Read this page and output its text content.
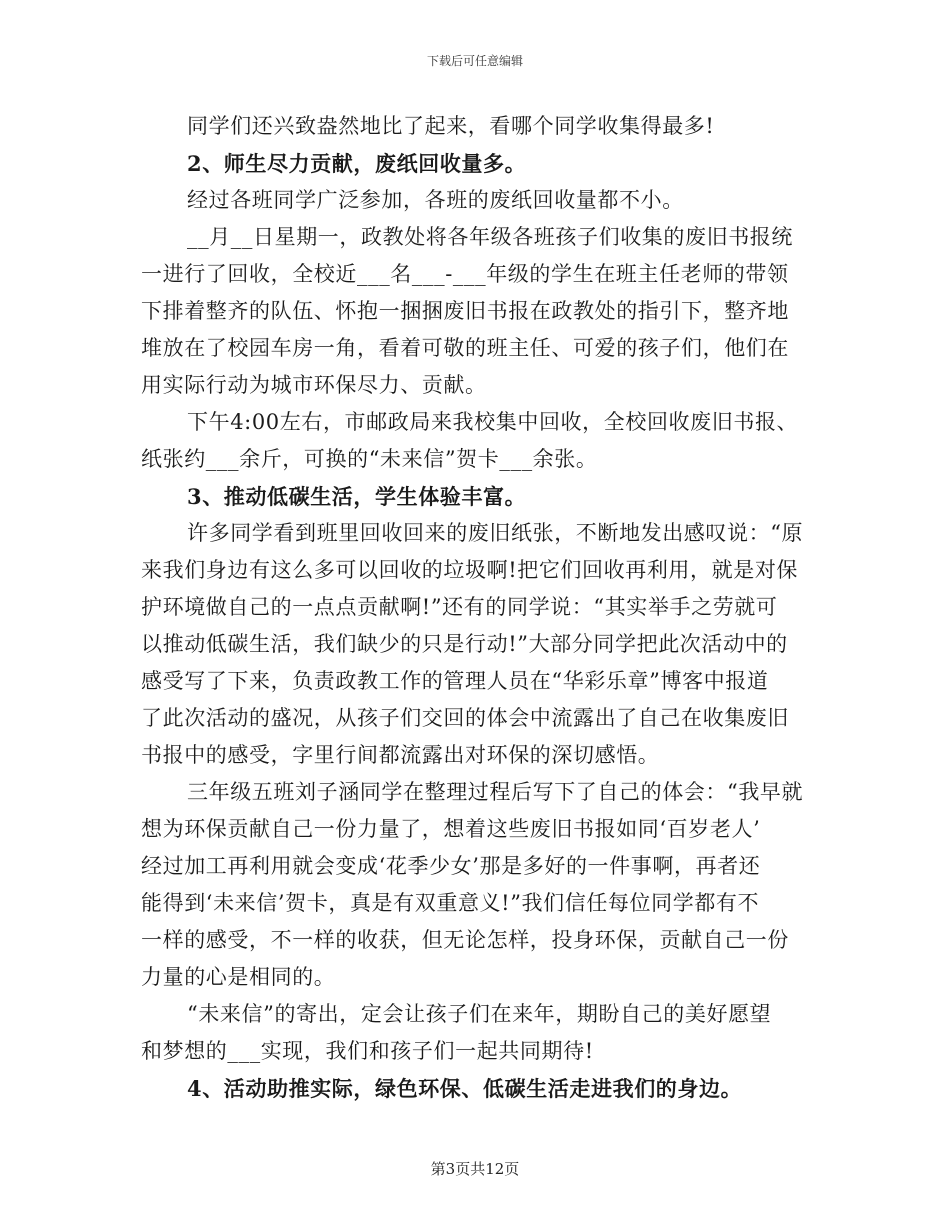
下载后可任意编辑
同学们还兴致盎然地比了起来，看哪个同学收集得最多!
2、师生尽力贡献，废纸回收量多。
经过各班同学广泛参加，各班的废纸回收量都不小。
__月__日星期一，政教处将各年级各班孩子们收集的废旧书报统
一进行了回收，全校近___名___-___年级的学生在班主任老师的带领
下排着整齐的队伍、怀抱一捆捆废旧书报在政教处的指引下，整齐地
堆放在了校园车房一角，看着可敬的班主任、可爱的孩子们，他们在
用实际行动为城市环保尽力、贡献。
下午4:00左右，市邮政局来我校集中回收，全校回收废旧书报、
纸张约___余斤，可换的“未来信”贺卡___余张。
3、推动低碳生活，学生体验丰富。
许多同学看到班里回收回来的废旧纸张，不断地发出感叹说：“原
来我们身边有这么多可以回收的垃圾啊!把它们回收再利用，就是对保
护环境做自己的一点点贡献啊!”还有的同学说：“其实举手之劳就可
以推动低碳生活，我们缺少的只是行动!”大部分同学把此次活动中的
感受写了下来，负责政教工作的管理人员在“华彩乐章”博客中报道
了此次活动的盛况，从孩子们交回的体会中流露出了自己在收集废旧
书报中的感受，字里行间都流露出对环保的深切感悟。
三年级五班刘子涵同学在整理过程后写下了自己的体会：“我早就
想为环保贡献自己一份力量了，想着这些废旧书报如同‘百岁老人’
经过加工再利用就会变成‘花季少女’那是多好的一件事啊，再者还
能得到‘未来信’贺卡，真是有双重意义!”我们信任每位同学都有不
一样的感受，不一样的收获，但无论怎样，投身环保，贡献自己一份
力量的心是相同的。
“未来信”的寄出，定会让孩子们在来年，期盼自己的美好愿望
和梦想的___实现，我们和孩子们一起共同期待!
4、活动助推实际，绿色环保、低碳生活走进我们的身边。
第3页共12页
